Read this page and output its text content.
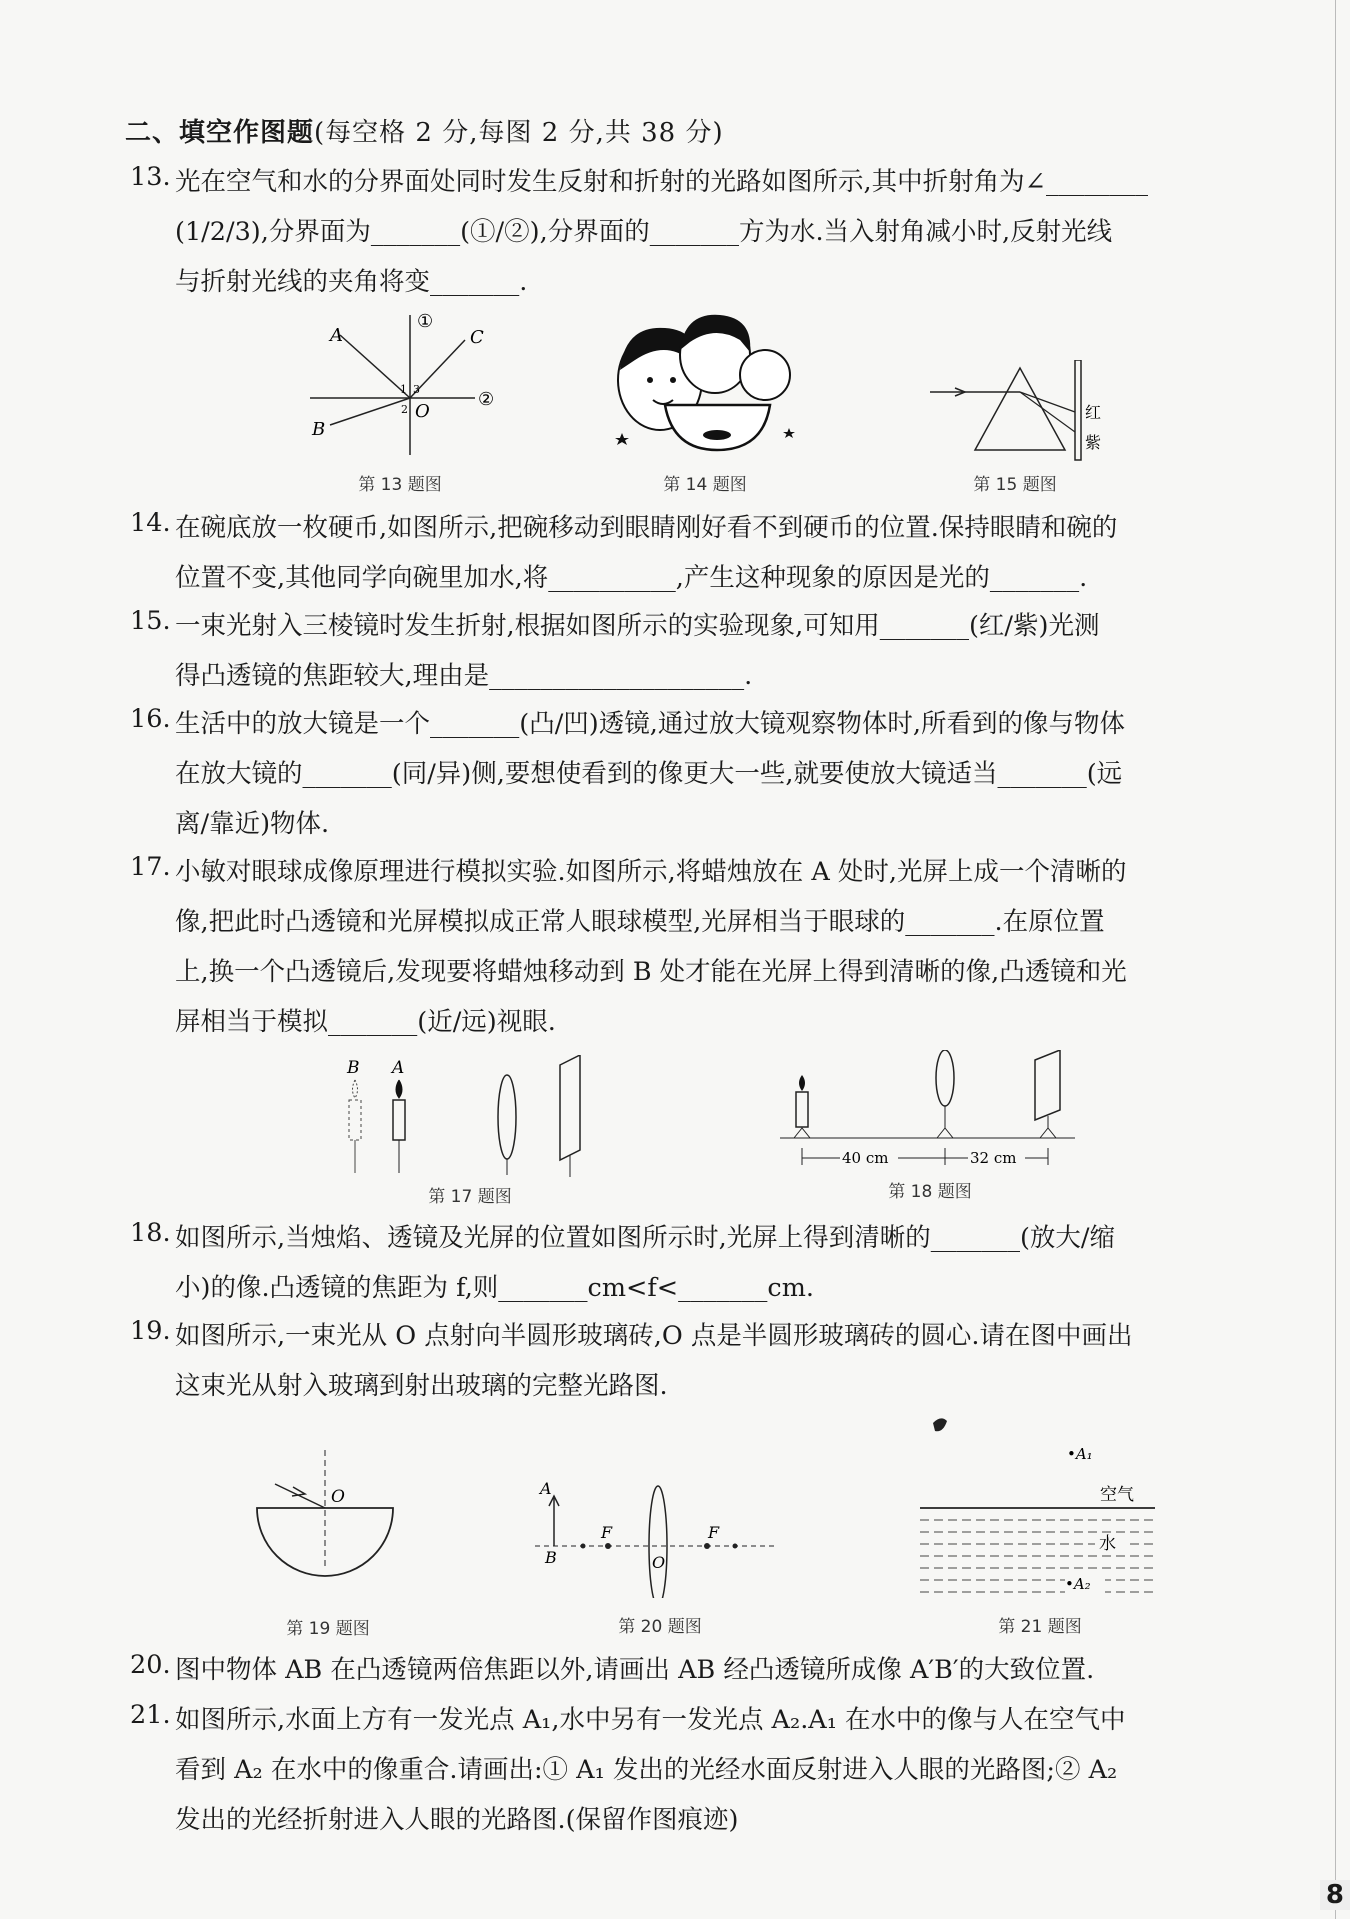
二、填空作图题(每空格 2 分,每图 2 分,共 38 分)
13. 光在空气和水的分界面处同时发生反射和折射的光路如图所示,其中折射角为∠________
(1/2/3),分界面为_______(①/②),分界面的_______方为水.当入射角减小时,反射光线
与折射光线的夹角将变_______.
A	C
B
O
①
②
1 3
2
第 13 题图	第 14 题图
红
紫
第 15 题图
14. 在碗底放一枚硬币,如图所示,把碗移动到眼睛刚好看不到硬币的位置.保持眼睛和碗的
位置不变,其他同学向碗里加水,将__________,产生这种现象的原因是光的_______.
15. 一束光射入三棱镜时发生折射,根据如图所示的实验现象,可知用_______(红/紫)光测
得凸透镜的焦距较大,理由是____________________.
16. 生活中的放大镜是一个_______(凸/凹)透镜,通过放大镜观察物体时,所看到的像与物体
在放大镜的_______(同/异)侧,要想使看到的像更大一些,就要使放大镜适当_______(远
离/靠近)物体.
17. 小敏对眼球成像原理进行模拟实验.如图所示,将蜡烛放在 A 处时,光屏上成一个清晰的
像,把此时凸透镜和光屏模拟成正常人眼球模型,光屏相当于眼球的_______.在原位置
上,换一个凸透镜后,发现要将蜡烛移动到 B 处才能在光屏上得到清晰的像,凸透镜和光
屏相当于模拟_______(近/远)视眼.
B A
第 17 题图
40 cm	32 cm
第 18 题图
18. 如图所示,当烛焰、透镜及光屏的位置如图所示时,光屏上得到清晰的_______(放大/缩
小)的像.凸透镜的焦距为 f,则_______cm<f<_______cm.
19. 如图所示,一束光从 O 点射向半圆形玻璃砖,O 点是半圆形玻璃砖的圆心.请在图中画出
这束光从射入玻璃到射出玻璃的完整光路图.
O
第 19 题图
A
B
F	F
O
第 20 题图
•A₁
空气
水
•A₂
第 21 题图
20. 图中物体 AB 在凸透镜两倍焦距以外,请画出 AB 经凸透镜所成像 A′B′的大致位置.
21. 如图所示,水面上方有一发光点 A₁,水中另有一发光点 A₂.A₁ 在水中的像与人在空气中
看到 A₂ 在水中的像重合.请画出:① A₁ 发出的光经水面反射进入人眼的光路图;② A₂
发出的光经折射进入人眼的光路图.(保留作图痕迹)
8
